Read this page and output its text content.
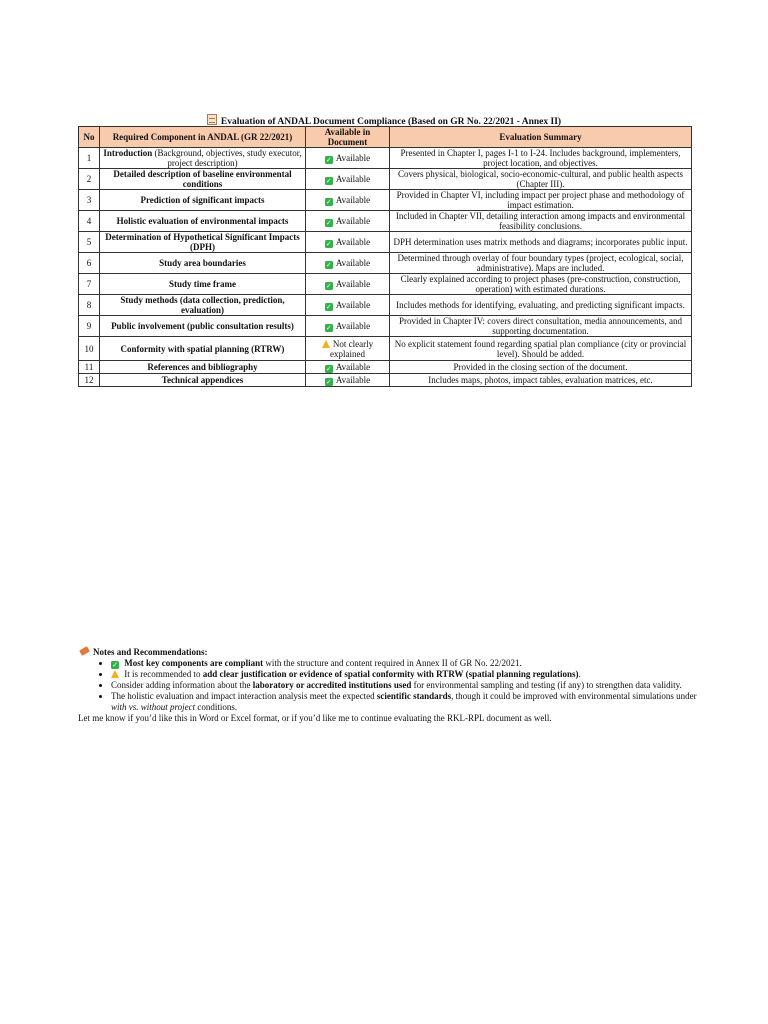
Evaluation of ANDAL Document Compliance (Based on GR No. 22/2021 - Annex II)
No	Required Component in ANDAL (GR 22/2021)	Available in Document	Evaluation Summary
1	Introduction (Background, objectives, study executor, project description)	✓ Available	Presented in Chapter I, pages I-1 to I-24. Includes background, implementers, project location, and objectives.
2	Detailed description of baseline environmental conditions	✓ Available	Covers physical, biological, socio-economic-cultural, and public health aspects (Chapter III).
3	Prediction of significant impacts	✓ Available	Provided in Chapter VI, including impact per project phase and methodology of impact estimation.
4	Holistic evaluation of environmental impacts	✓ Available	Included in Chapter VII, detailing interaction among impacts and environmental feasibility conclusions.
5	Determination of Hypothetical Significant Impacts (DPH)	✓ Available	DPH determination uses matrix methods and diagrams; incorporates public input.
6	Study area boundaries	✓ Available	Determined through overlay of four boundary types (project, ecological, social, administrative). Maps are included.
7	Study time frame	✓ Available	Clearly explained according to project phases (pre-construction, construction, operation) with estimated durations.
8	Study methods (data collection, prediction, evaluation)	✓ Available	Includes methods for identifying, evaluating, and predicting significant impacts.
9	Public involvement (public consultation results)	✓ Available	Provided in Chapter IV: covers direct consultation, media announcements, and supporting documentation.
10	Conformity with spatial planning (RTRW)	Not clearly explained	No explicit statement found regarding spatial plan compliance (city or provincial level). Should be added.
11	References and bibliography	✓ Available	Provided in the closing section of the document.
12	Technical appendices	✓ Available	Includes maps, photos, impact tables, evaluation matrices, etc.
Notes and Recommendations:
• ✓ Most key components are compliant with the structure and content required in Annex II of GR No. 22/2021.
• It is recommended to add clear justification or evidence of spatial conformity with RTRW (spatial planning regulations).
• Consider adding information about the laboratory or accredited institutions used for environmental sampling and testing (if any) to strengthen data validity.
• The holistic evaluation and impact interaction analysis meet the expected scientific standards, though it could be improved with environmental simulations under with vs. without project conditions.
Let me know if you’d like this in Word or Excel format, or if you’d like me to continue evaluating the RKL-RPL document as well.
